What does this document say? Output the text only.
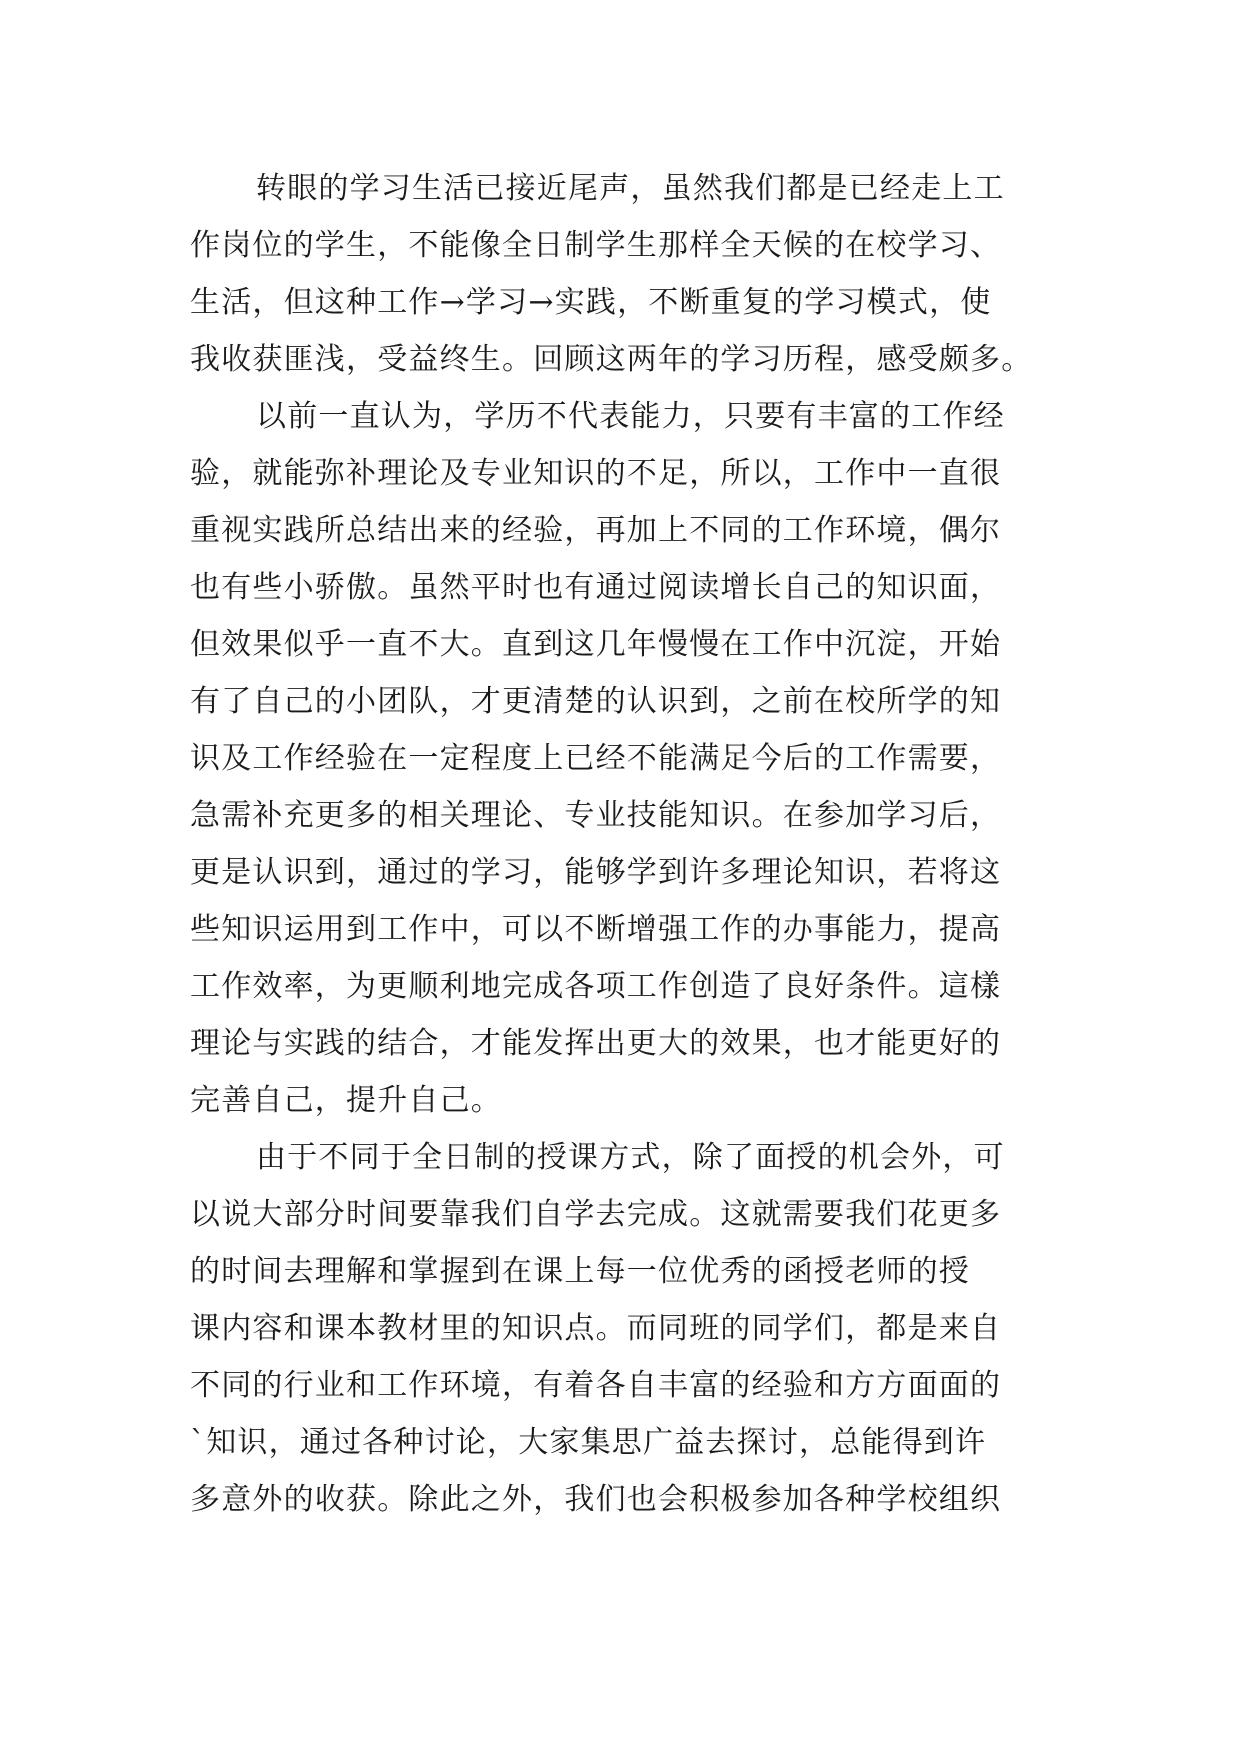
转眼的学习生活已接近尾声，虽然我们都是已经走上工
作岗位的学生，不能像全日制学生那样全天候的在校学习、
生活，但这种工作→学习→实践，不断重复的学习模式，使
我收获匪浅，受益终生。回顾这两年的学习历程，感受颇多。
以前一直认为，学历不代表能力，只要有丰富的工作经
验，就能弥补理论及专业知识的不足，所以，工作中一直很
重视实践所总结出来的经验，再加上不同的工作环境，偶尔
也有些小骄傲。虽然平时也有通过阅读增长自己的知识面，
但效果似乎一直不大。直到这几年慢慢在工作中沉淀，开始
有了自己的小团队，才更清楚的认识到，之前在校所学的知
识及工作经验在一定程度上已经不能满足今后的工作需要，
急需补充更多的相关理论、专业技能知识。在参加学习后，
更是认识到，通过的学习，能够学到许多理论知识，若将这
些知识运用到工作中，可以不断增强工作的办事能力，提高
工作效率，为更顺利地完成各项工作创造了良好条件。這樣
理论与实践的结合，才能发挥出更大的效果，也才能更好的
完善自己，提升自己。
由于不同于全日制的授课方式，除了面授的机会外，可
以说大部分时间要靠我们自学去完成。这就需要我们花更多
的时间去理解和掌握到在课上每一位优秀的函授老师的授
课内容和课本教材里的知识点。而同班的同学们，都是来自
不同的行业和工作环境，有着各自丰富的经验和方方面面的
`知识，通过各种讨论，大家集思广益去探讨，总能得到许
多意外的收获。除此之外，我们也会积极参加各种学校组织
